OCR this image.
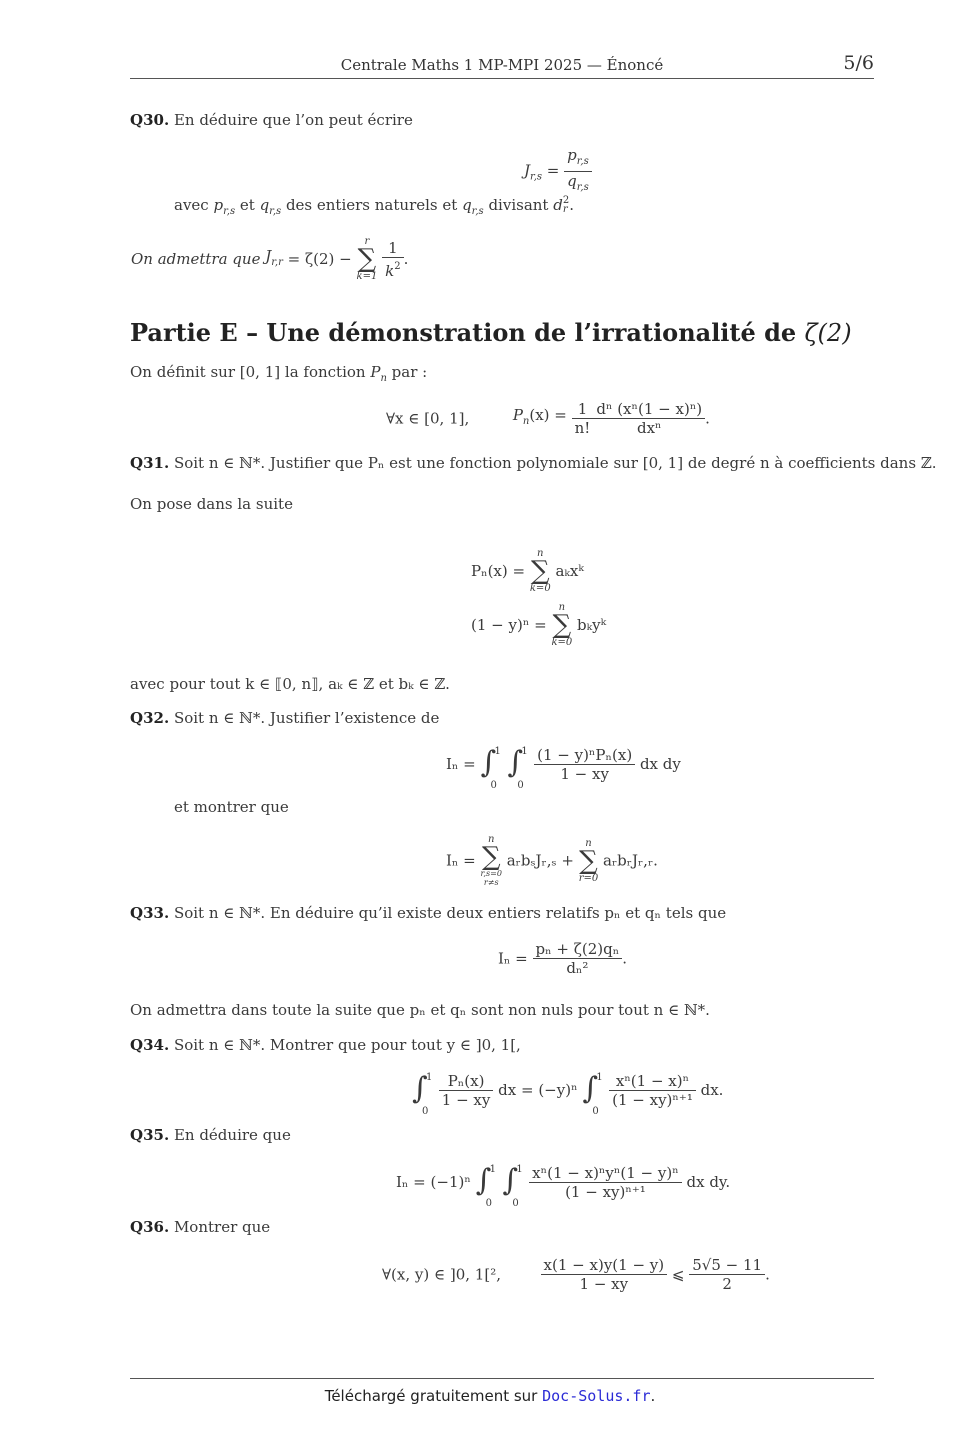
Centrale Maths 1 MP-MPI 2025 — Énoncé	5/6
Q30. En déduire que l’on peut écrire
$J_{r,s} = \frac{p_{r,s}}{q_{r,s}}$
avec $p_{r,s}$ et $q_{r,s}$ des entiers naturels et $q_{r,s}$ divisant d 2
r .
On admettra que $J_{r,r} = \zeta(2)$ −
r
∑
k=1
$\frac{1}{k^2}$ .
Partie E – Une démonstration de l’irrationalité de ζ(2)
On définit sur [0, 1] la fonction $P_n$ par :
∀x ∈ [0, 1],	$P_n(x) = \frac{1}{n!} \frac{\text{dⁿ (xⁿ(1 − x)ⁿ)}}{\text{dxⁿ}}$ .
Q31. Soit n ∈ ℕ*. Justifier que Pₙ est une fonction polynomiale sur [0, 1] de degré n à coefficients dans ℤ.
On pose dans la suite
Pₙ(x) =
n
∑
k=0
aₖxᵏ
(1 − y)ⁿ =
n
∑
k=0
bₖyᵏ
avec pour tout k ∈ ⟦0, n⟧, aₖ ∈ ℤ et bₖ ∈ ℤ.
Q32. Soit n ∈ ℕ*. Justifier l’existence de
Iₙ = ∫
1
0

∫
1
0

$\frac{\text{(1 − y)ⁿPₙ(x)}}{1 - xy}$ dx dy
et montrer que
Iₙ =
n
∑
r,s=0
r≠s
aᵣbₛJᵣ,ₛ +
n
∑
r=0
aᵣbᵣJᵣ,ᵣ.
Q33. Soit n ∈ ℕ*. En déduire qu’il existe deux entiers relatifs pₙ et qₙ tels que
$I_n = \frac{\text{pₙ + ζ(2)qₙ}}{\text{dₙ²}}$ .
On admettra dans toute la suite que pₙ et qₙ sont non nuls pour tout n ∈ ℕ*.
Q34. Soit n ∈ ℕ*. Montrer que pour tout y ∈ ]0, 1[,
∫
1
0

$\frac{\text{Pₙ(x)}}{1 - xy}$ dx = (−y)ⁿ ∫
1
0

$\frac{\text{xⁿ(1 − x)ⁿ}}{\text{(1 − xy)ⁿ⁺¹}}$ dx.
Q35. En déduire que
Iₙ = (−1)ⁿ ∫
1
0

∫
1
0

$\frac{\text{xⁿ(1 − x)ⁿyⁿ(1 − y)ⁿ}}{\text{(1 − xy)ⁿ⁺¹}}$ dx dy.
Q36. Montrer que
∀(x, y) ∈ ]0, 1[²,	$\frac{x(1 - x)y(1 - y)}{1 - xy}$ ⩽ $\frac{5√5 - 11}{2}$ .
Téléchargé gratuitement sur Doc-Solus.fr.
